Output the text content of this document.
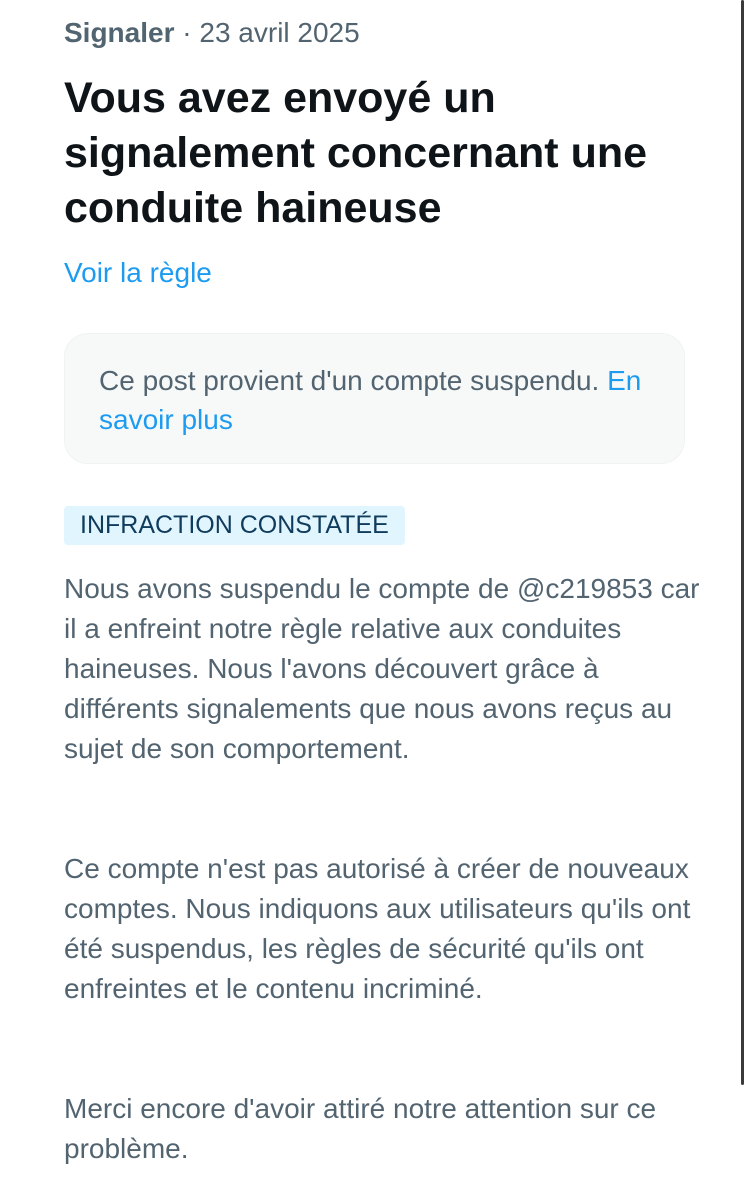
Signaler · 23 avril 2025
Vous avez envoyé un signalement concernant une conduite haineuse
Voir la règle
Ce post provient d'un compte suspendu. En savoir plus
INFRACTION CONSTATÉE

Nous avons suspendu le compte de @c219853 car il a enfreint notre règle relative aux conduites haineuses. Nous l'avons découvert grâce à différents signalements que nous avons reçus au sujet de son comportement.

Ce compte n'est pas autorisé à créer de nouveaux comptes. Nous indiquons aux utilisateurs qu'ils ont été suspendus, les règles de sécurité qu'ils ont enfreintes et le contenu incriminé.

Merci encore d'avoir attiré notre attention sur ce problème.
